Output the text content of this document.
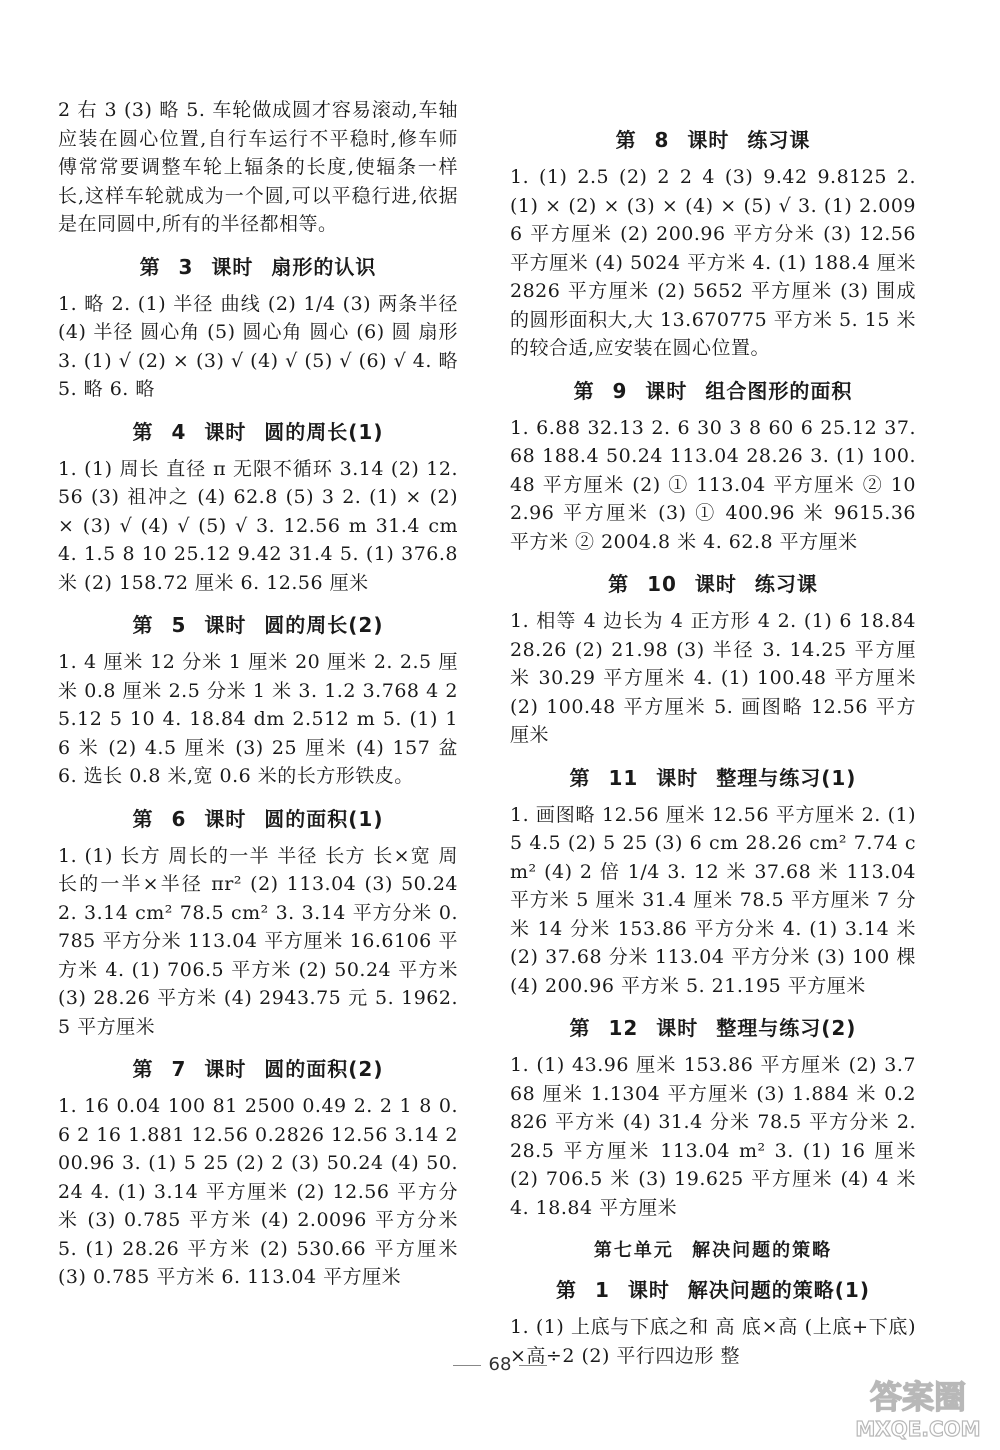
2 右 3 (3) 略 5. 车轮做成圆才容易滚动,车轴应装在圆心位置,自行车运行不平稳时,修车师傅常常要调整车轮上辐条的长度,使辐条一样长,这样车轮就成为一个圆,可以平稳行进,依据是在同圆中,所有的半径都相等。

第 3 课时 扇形的认识

1. 略 2. (1) 半径 曲线 (2) 1/4 (3) 两条半径 (4) 半径 圆心角 (5) 圆心角 圆心 (6) 圆 扇形 3. (1) √ (2) × (3) √ (4) √ (5) √ (6) √ 4. 略 5. 略 6. 略

第 4 课时 圆的周长(1)

1. (1) 周长 直径 π 无限不循环 3.14 (2) 12.56 (3) 祖冲之 (4) 62.8 (5) 3 2. (1) × (2) × (3) √ (4) √ (5) √ 3. 12.56 m 31.4 cm 4. 1.5 8 10 25.12 9.42 31.4 5. (1) 376.8 米 (2) 158.72 厘米 6. 12.56 厘米

第 5 课时 圆的周长(2)

1. 4 厘米 12 分米 1 厘米 20 厘米 2. 2.5 厘米 0.8 厘米 2.5 分米 1 米 3. 1.2 3.768 4 25.12 5 10 4. 18.84 dm 2.512 m 5. (1) 16 米 (2) 4.5 厘米 (3) 25 厘米 (4) 157 盆 6. 选长 0.8 米,宽 0.6 米的长方形铁皮。

第 6 课时 圆的面积(1)

1. (1) 长方 周长的一半 半径 长方 长×宽 周长的一半×半径 πr² (2) 113.04 (3) 50.24 2. 3.14 cm² 78.5 cm² 3. 3.14 平方分米 0.785 平方分米 113.04 平方厘米 16.6106 平方米 4. (1) 706.5 平方米 (2) 50.24 平方米 (3) 28.26 平方米 (4) 2943.75 元 5. 1962.5 平方厘米

第 7 课时 圆的面积(2)

1. 16 0.04 100 81 2500 0.49 2. 2 1 8 0.6 2 16 1.881 12.56 0.2826 12.56 3.14 200.96 3. (1) 5 25 (2) 2 (3) 50.24 (4) 50.24 4. (1) 3.14 平方厘米 (2) 12.56 平方分米 (3) 0.785 平方米 (4) 2.0096 平方分米 5. (1) 28.26 平方米 (2) 530.66 平方厘米 (3) 0.785 平方米 6. 113.04 平方厘米

第 8 课时 练习课

1. (1) 2.5 (2) 2 2 4 (3) 9.42 9.8125 2. (1) × (2) × (3) × (4) × (5) √ 3. (1) 2.0096 平方厘米 (2) 200.96 平方分米 (3) 12.56 平方厘米 (4) 5024 平方米 4. (1) 188.4 厘米 2826 平方厘米 (2) 5652 平方厘米 (3) 围成的圆形面积大,大 13.670775 平方米 5. 15 米的较合适,应安装在圆心位置。

第 9 课时 组合图形的面积

1. 6.88 32.13 2. 6 30 3 8 60 6 25.12 37.68 188.4 50.24 113.04 28.26 3. (1) 100.48 平方厘米 (2) ① 113.04 平方厘米 ② 102.96 平方厘米 (3) ① 400.96 米 9615.36 平方米 ② 2004.8 米 4. 62.8 平方厘米

第 10 课时 练习课

1. 相等 4 边长为 4 正方形 4 2. (1) 6 18.84 28.26 (2) 21.98 (3) 半径 3. 14.25 平方厘米 30.29 平方厘米 4. (1) 100.48 平方厘米 (2) 100.48 平方厘米 5. 画图略 12.56 平方厘米

第 11 课时 整理与练习(1)

1. 画图略 12.56 厘米 12.56 平方厘米 2. (1) 5 4.5 (2) 5 25 (3) 6 cm 28.26 cm² 7.74 cm² (4) 2 倍 1/4 3. 12 米 37.68 米 113.04 平方米 5 厘米 31.4 厘米 78.5 平方厘米 7 分米 14 分米 153.86 平方分米 4. (1) 3.14 米 (2) 37.68 分米 113.04 平方分米 (3) 100 棵 (4) 200.96 平方米 5. 21.195 平方厘米

第 12 课时 整理与练习(2)

1. (1) 43.96 厘米 153.86 平方厘米 (2) 3.768 厘米 1.1304 平方厘米 (3) 1.884 米 0.2826 平方米 (4) 31.4 分米 78.5 平方分米 2. 28.5 平方厘米 113.04 m² 3. (1) 16 厘米 (2) 706.5 米 (3) 19.625 平方厘米 (4) 4 米 4. 18.84 平方厘米

第七单元 解决问题的策略
第 1 课时 解决问题的策略(1)

1. (1) 上底与下底之和 高 底×高 (上底+下底)×高÷2 (2) 平行四边形 整

68
答案圈
MXQE.COM
